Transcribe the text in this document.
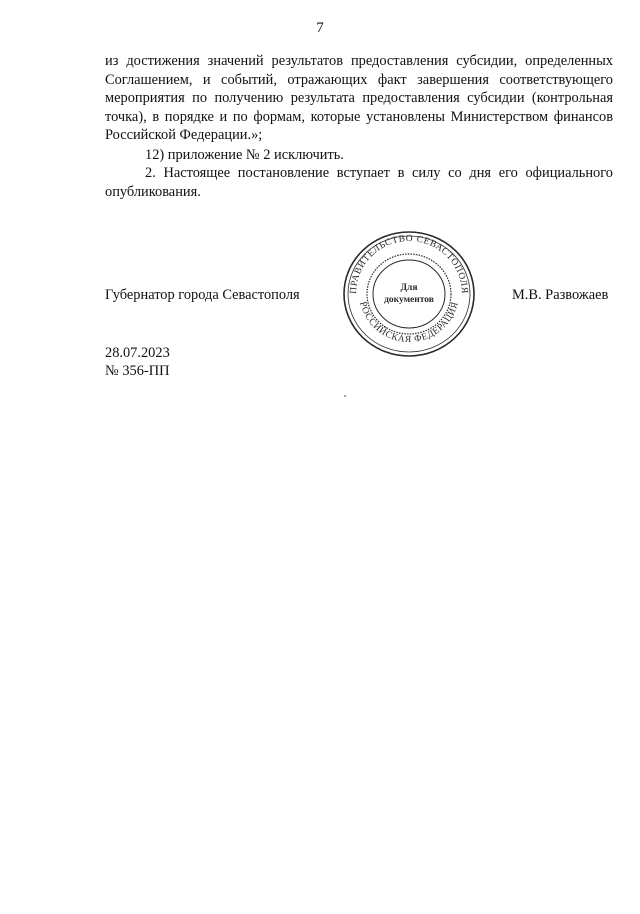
7
из достижения значений результатов предоставления субсидии, определенных Соглашением, и событий, отражающих факт завершения соответствующего мероприятия по получению результата предоставления субсидии (контрольная точка), в порядке и по формам, которые установлены Министерством финансов Российской Федерации.»;
12) приложение № 2 исключить.
2. Настоящее постановление вступает в силу со дня его официального опубликования.
Губернатор города Севастополя	М.В. Развожаев
ПРАВИТЕЛЬСТВО СЕВАСТОПОЛЯ
РОССИЙСКАЯ ФЕДЕРАЦИЯ
Для
документов
28.07.2023
№ 356-ПП
